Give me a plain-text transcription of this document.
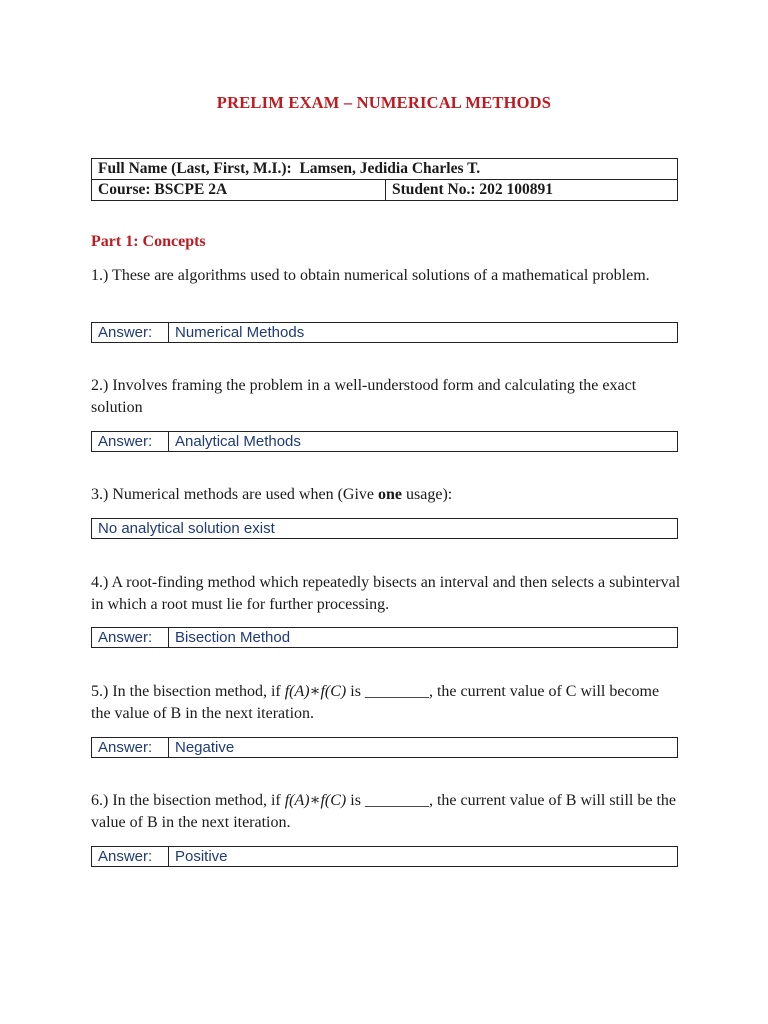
PRELIM EXAM – NUMERICAL METHODS
Full Name (Last, First, M.I.): Lamsen, Jedidia Charles T.
Course: BSCPE 2A	Student No.: 202 100891
Part 1: Concepts
1.) These are algorithms used to obtain numerical solutions of a mathematical problem.
Answer:	Numerical Methods
2.) Involves framing the problem in a well-understood form and calculating the exact solution
Answer:	Analytical Methods
3.) Numerical methods are used when (Give one usage):
No analytical solution exist
4.) A root-finding method which repeatedly bisects an interval and then selects a subinterval in which a root must lie for further processing.
Answer:	Bisection Method
5.) In the bisection method, if f(A)∗f(C) is ________, the current value of C will become the value of B in the next iteration.
Answer:	Negative
6.) In the bisection method, if f(A)∗f(C) is ________, the current value of B will still be the value of B in the next iteration.
Answer:	Positive
